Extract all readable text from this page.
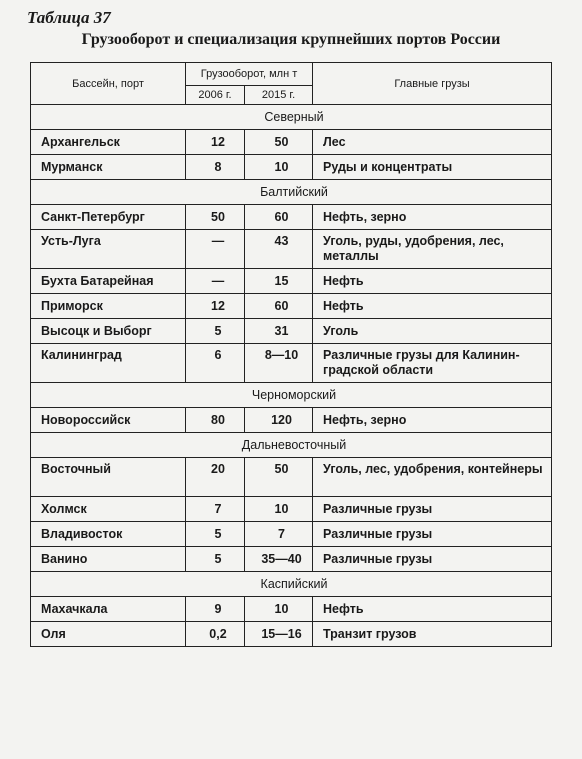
Таблица 37
Грузооборот и специализация крупнейших портов России
Бассейн, порт	Грузооборот, млн т		Главные грузы
	2006 г.	2015 г.	
Северный			
Архангельск	12	50	Лес
Мурманск	8	10	Руды и концентраты
Балтийский			
Санкт-Петербург	50	60	Нефть, зерно
Усть-Луга	—	43	Уголь, руды, удобрения, лес, металлы
Бухта Батарейная	—	15	Нефть
Приморск	12	60	Нефть
Высоцк и Выборг	5	31	Уголь
Калининград	6	8—10	Различные грузы для Калинин-градской области
Черноморский			
Новороссийск	80	120	Нефть, зерно
Дальневосточный			
Восточный	20	50	Уголь, лес, удобрения, контейнеры
Холмск	7	10	Различные грузы
Владивосток	5	7	Различные грузы
Ванино	5	35—40	Различные грузы
Каспийский			
Махачкала	9	10	Нефть
Оля	0,2	15—16	Транзит грузов
